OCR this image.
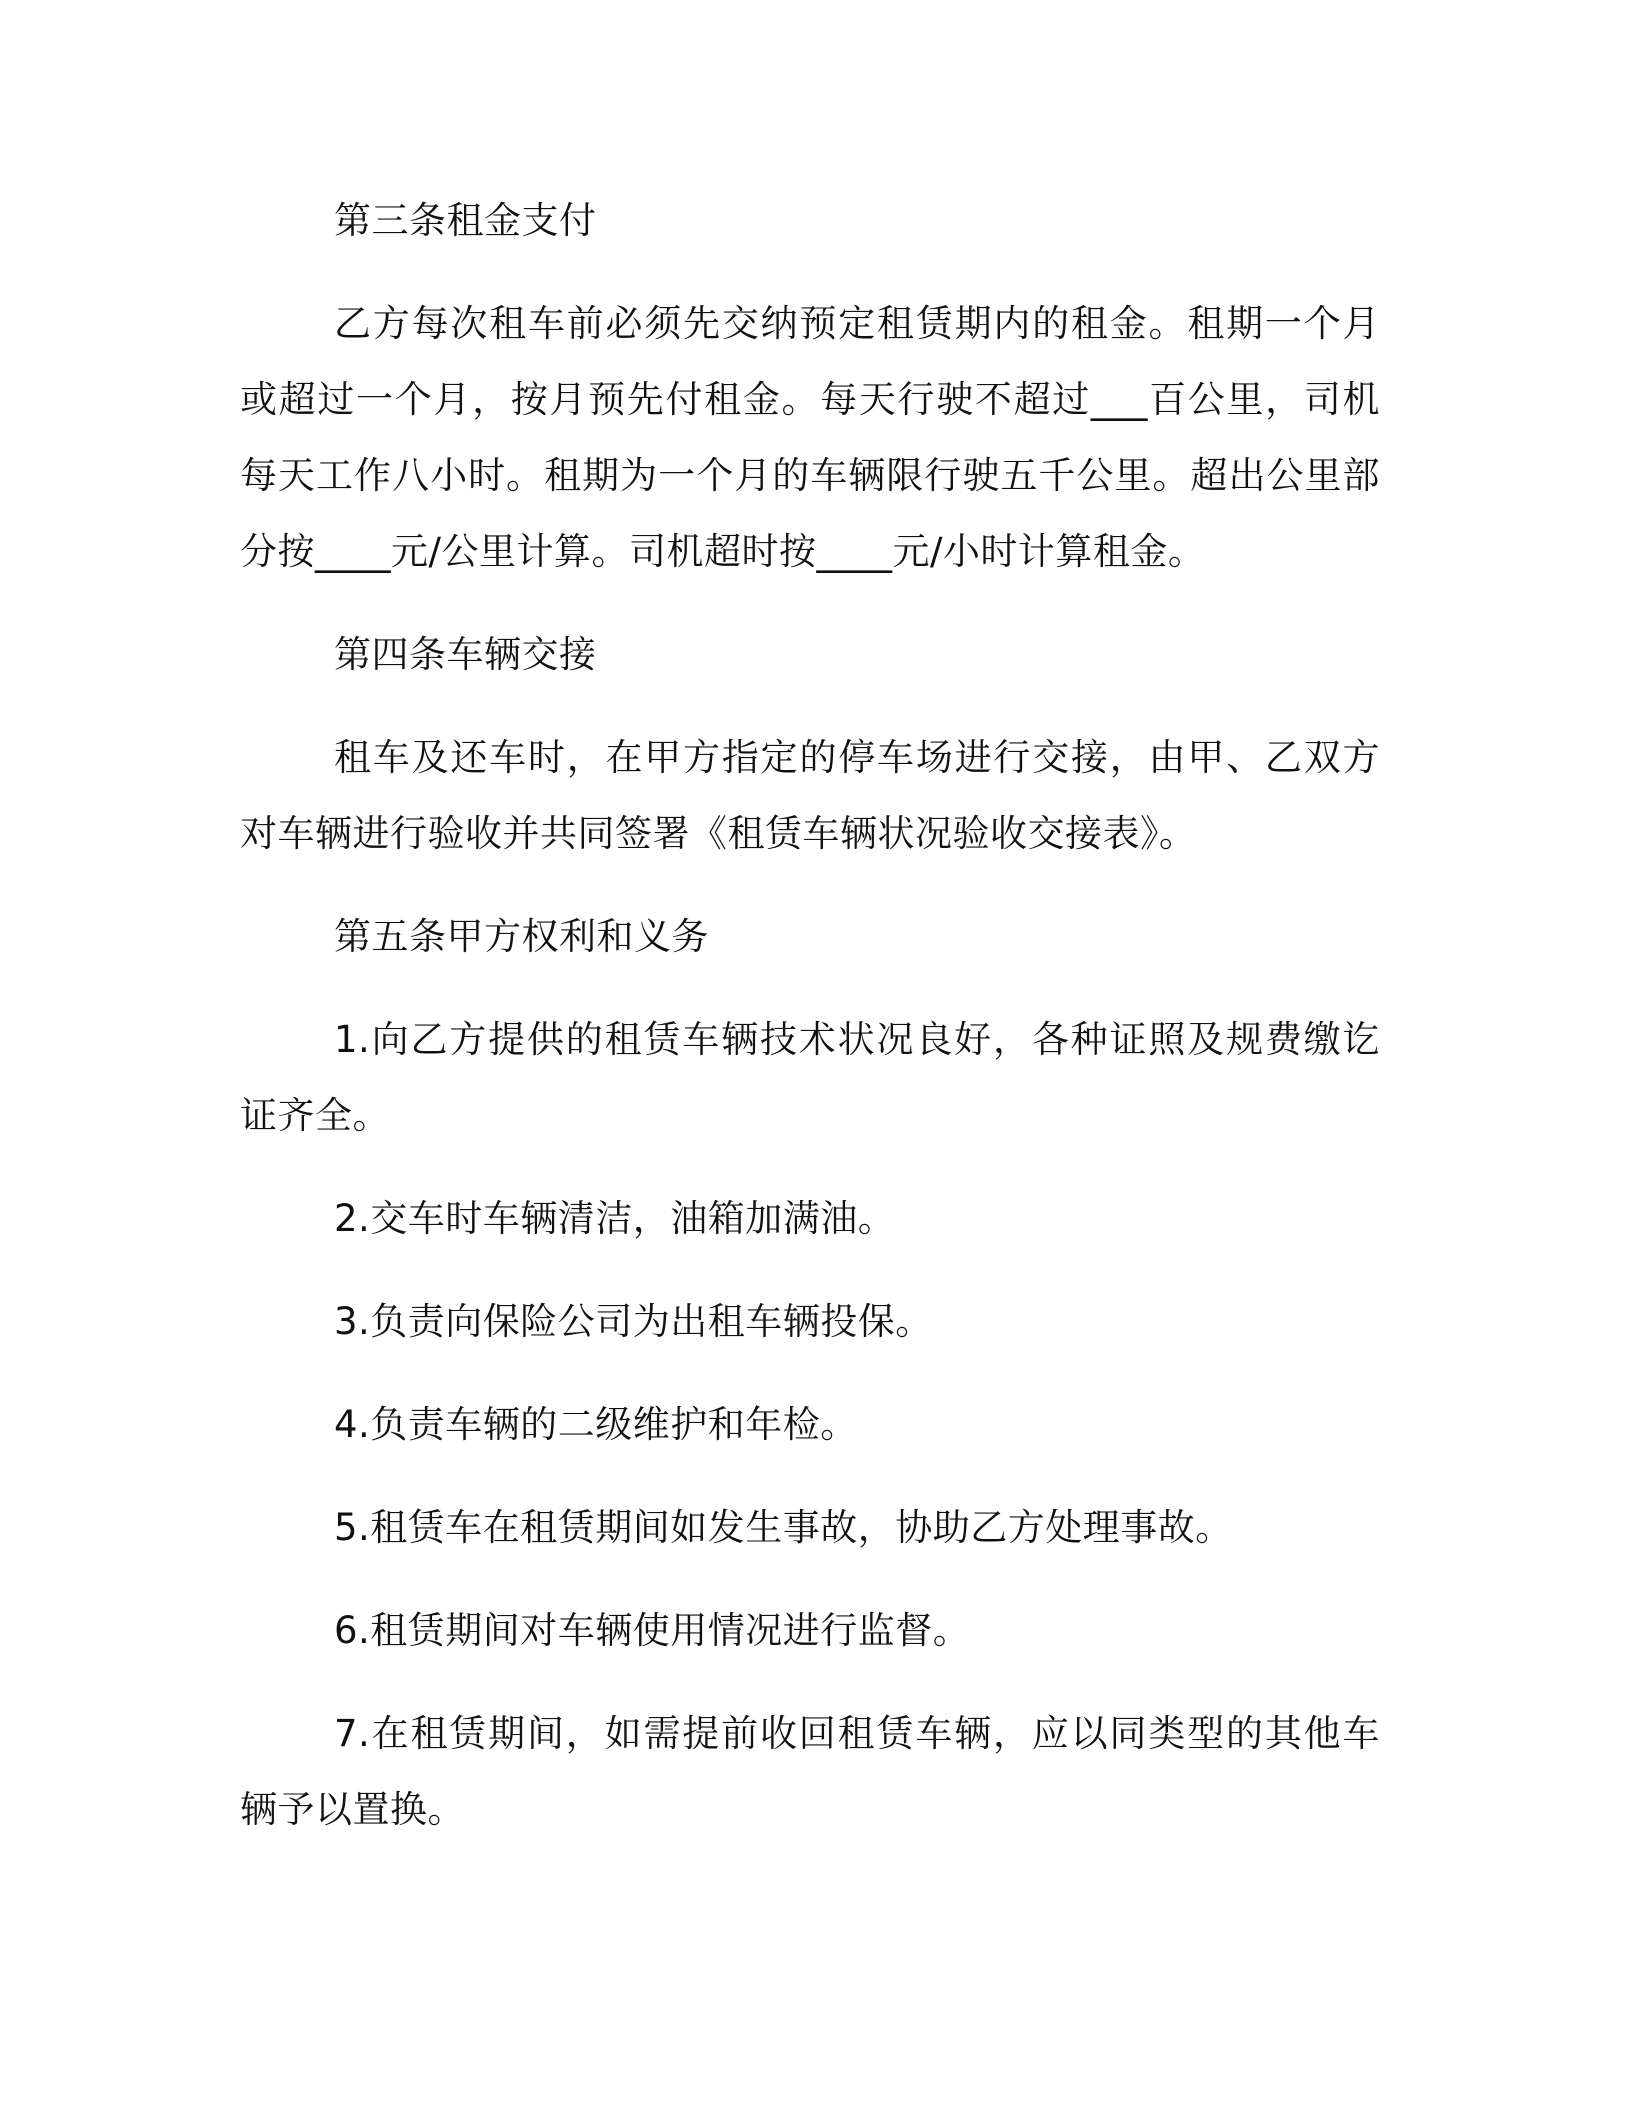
第三条租金支付

乙方每次租车前必须先交纳预定租赁期内的租金。租期一个月或超过一个月，按月预先付租金。每天行驶不超过___百公里，司机每天工作八小时。租期为一个月的车辆限行驶五千公里。超出公里部分按____元/公里计算。司机超时按____元/小时计算租金。

第四条车辆交接

租车及还车时，在甲方指定的停车场进行交接，由甲、乙双方对车辆进行验收并共同签署《租赁车辆状况验收交接表》。

第五条甲方权利和义务

1.向乙方提供的租赁车辆技术状况良好，各种证照及规费缴讫证齐全。

2.交车时车辆清洁，油箱加满油。

3.负责向保险公司为出租车辆投保。

4.负责车辆的二级维护和年检。

5.租赁车在租赁期间如发生事故，协助乙方处理事故。

6.租赁期间对车辆使用情况进行监督。

7.在租赁期间，如需提前收回租赁车辆，应以同类型的其他车辆予以置换。
